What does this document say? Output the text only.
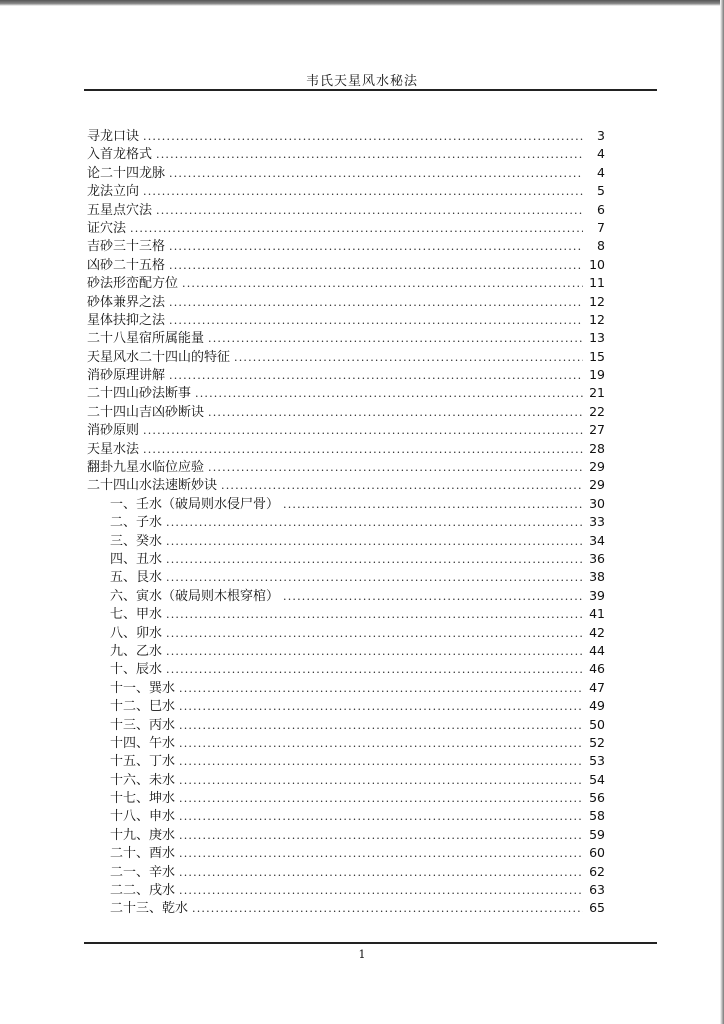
韦氏天星风水秘法
寻龙口诀 .....	3
入首龙格式 .....	4
论二十四龙脉 .....	4
龙法立向 .....	5
五星点穴法 .....	6
证穴法 .....	7
吉砂三十三格 .....	8
凶砂二十五格 .....	10
砂法形峦配方位 .....	11
砂体兼界之法 .....	12
星体扶抑之法 .....	12
二十八星宿所属能量 .....	13
天星风水二十四山的特征 .....	15
消砂原理讲解 .....	19
二十四山砂法断事 .....	21
二十四山吉凶砂断诀 .....	22
消砂原则 .....	27
天星水法 .....	28
翻卦九星水临位应验 .....	29
二十四山水法速断妙诀 .....	29
一、壬水（破局则水侵尸骨） .....	30
二、子水 .....	33
三、癸水 .....	34
四、丑水 .....	36
五、艮水 .....	38
六、寅水（破局则木根穿棺） .....	39
七、甲水 .....	41
八、卯水 .....	42
九、乙水 .....	44
十、辰水 .....	46
十一、巽水 .....	47
十二、巳水 .....	49
十三、丙水 .....	50
十四、午水 .....	52
十五、丁水 .....	53
十六、未水 .....	54
十七、坤水 .....	56
十八、申水 .....	58
十九、庚水 .....	59
二十、酉水 .....	60
二一、辛水 .....	62
二二、戌水 .....	63
二十三、乾水 .....	65
1
